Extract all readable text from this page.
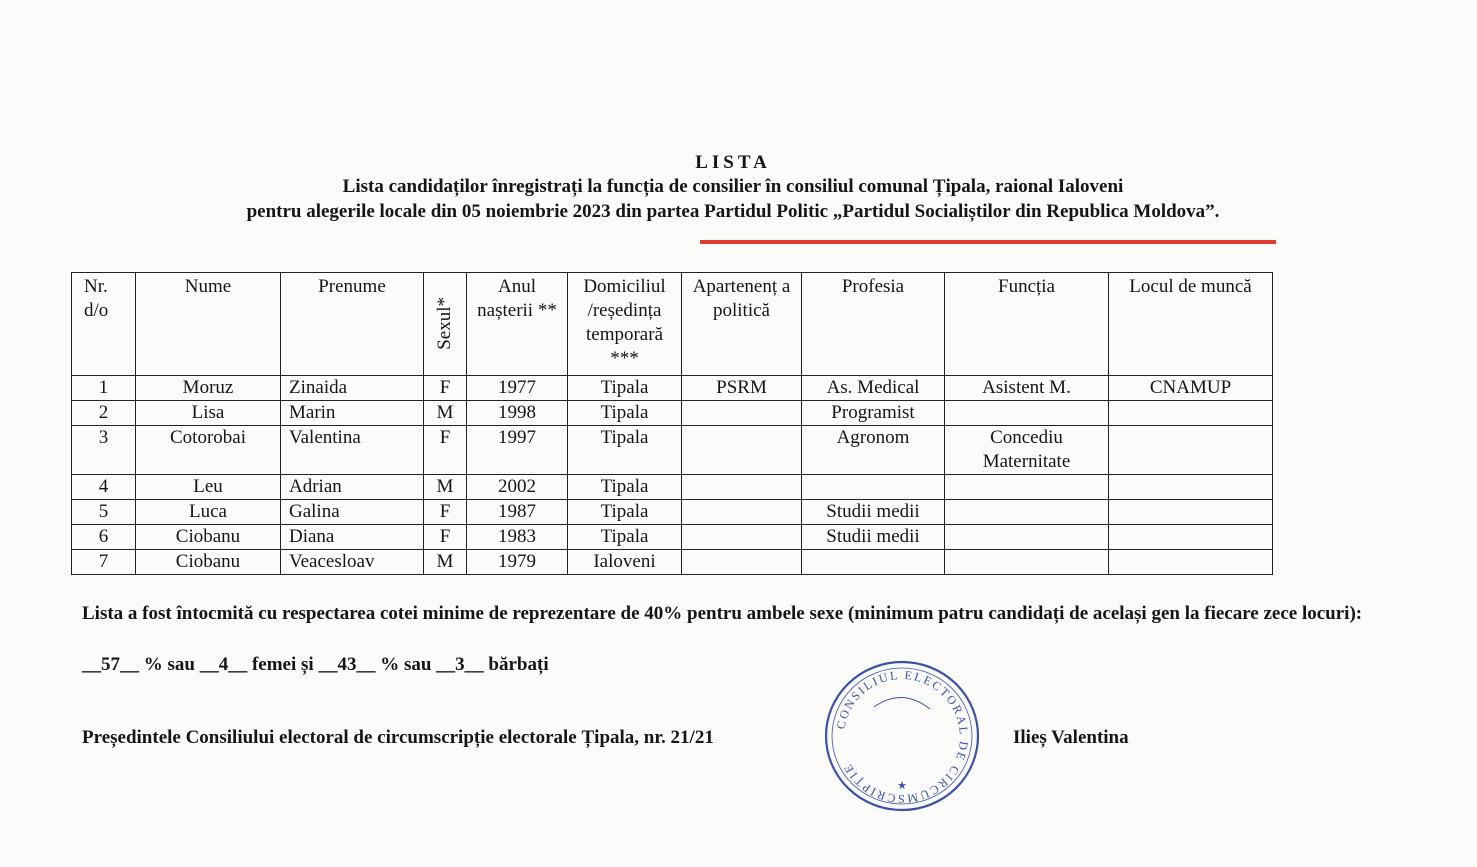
LISTA
Lista candidaților înregistrați la funcția de consilier în consiliul comunal Țipala, raional Ialoveni
pentru alegerile locale din 05 noiembrie 2023 din partea Partidul Politic „Partidul Socialiștilor din Republica Moldova”.
Nr. d/o	Nume	Prenume	Sexul*	Anul nașterii **	Domiciliul /reședința temporară ***	Apartenenț a politică	Profesia	Funcția	Locul de muncă
1	Moruz	Zinaida	F	1977	Tipala	PSRM	As. Medical	Asistent M.	CNAMUP
2	Lisa	Marin	M	1998	Tipala		Programist		
3	Cotorobai	Valentina	F	1997	Tipala		Agronom	Concediu Maternitate	
4	Leu	Adrian	M	2002	Tipala				
5	Luca	Galina	F	1987	Tipala		Studii medii		
6	Ciobanu	Diana	F	1983	Tipala		Studii medii		
7	Ciobanu	Veacesloav	M	1979	Ialoveni				
Lista a fost întocmită cu respectarea cotei minime de reprezentare de 40% pentru ambele sexe (minimum patru candidați de același gen la fiecare zece locuri):
__57__ % sau __4__ femei și __43__ % sau __3__ bărbați
Președintele Consiliului electoral de circumscripție electorale Țipala, nr. 21/21
CONSILIUL ELECTORAL DE CIRCUMSCRIPȚIE
★
Ilieș Valentina
